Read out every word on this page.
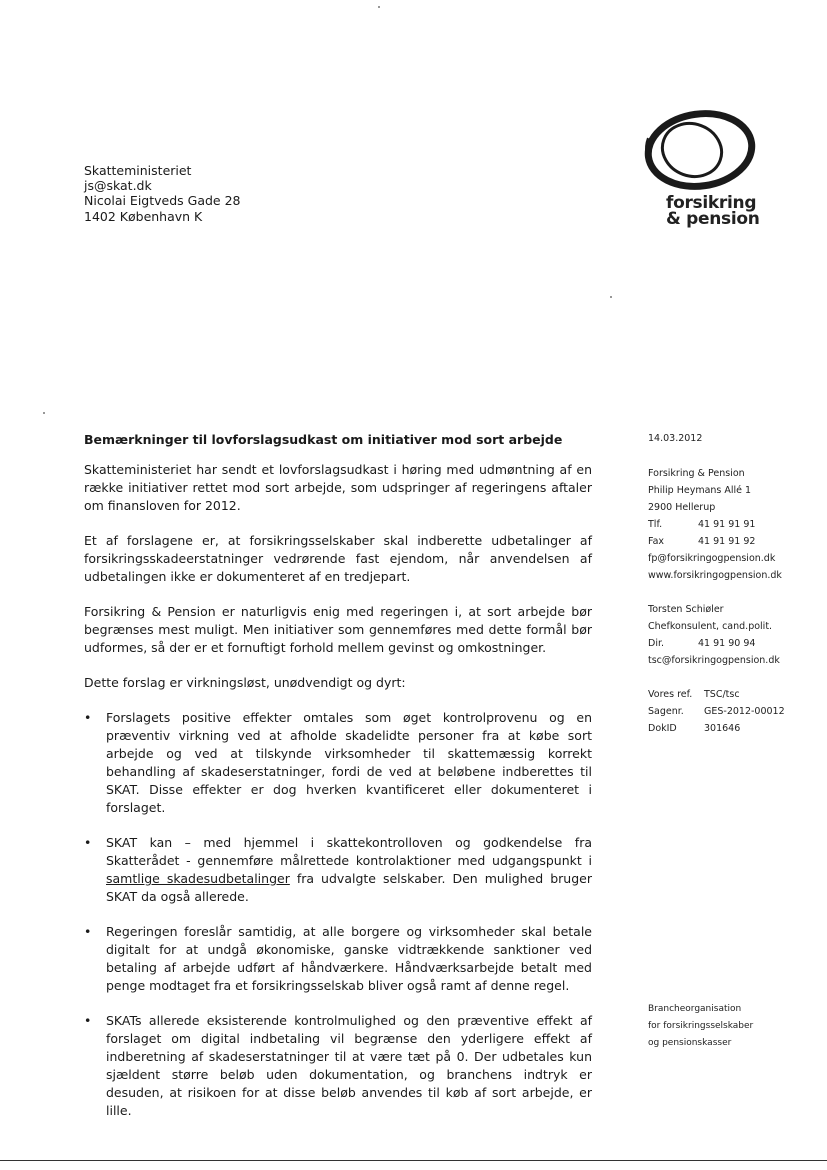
Skatteministeriet
js@skat.dk
Nicolai Eigtveds Gade 28
1402 København K
forsikring
& pension
Bemærkninger til lovforslagsudkast om initiativer mod sort arbejde

Skatteministeriet har sendt et lovforslagsudkast i høring med udmøntning af en række initiativer rettet mod sort arbejde, som udspringer af regeringens aftaler om finansloven for 2012.

Et af forslagene er, at forsikringsselskaber skal indberette udbetalinger af forsikringsskadeerstatninger vedrørende fast ejendom, når anvendelsen af udbetalingen ikke er dokumenteret af en tredjepart.

Forsikring & Pension er naturligvis enig med regeringen i, at sort arbejde bør begrænses mest muligt. Men initiativer som gennemføres med dette formål bør udformes, så der er et fornuftigt forhold mellem gevinst og omkostninger.

Dette forslag er virkningsløst, unødvendigt og dyrt:

• Forslagets positive effekter omtales som øget kontrolprovenu og en præventiv virkning ved at afholde skadelidte personer fra at købe sort arbejde og ved at tilskynde virksomheder til skattemæssig korrekt behandling af skadeserstatninger, fordi de ved at beløbene indberettes til SKAT. Disse effekter er dog hverken kvantificeret eller dokumenteret i forslaget.
• SKAT kan – med hjemmel i skattekontrolloven og godkendelse fra Skatterådet - gennemføre målrettede kontrolaktioner med udgangspunkt i samtlige skadesudbetalinger fra udvalgte selskaber. Den mulighed bruger SKAT da også allerede.
• Regeringen foreslår samtidig, at alle borgere og virksomheder skal betale digitalt for at undgå økonomiske, ganske vidtrækkende sanktioner ved betaling af arbejde udført af håndværkere. Håndværksarbejde betalt med penge modtaget fra et forsikringsselskab bliver også ramt af denne regel.
• SKATs allerede eksisterende kontrolmulighed og den præventive effekt af forslaget om digital indbetaling vil begrænse den yderligere effekt af indberetning af skadeserstatninger til at være tæt på 0. Der udbetales kun sjældent større beløb uden dokumentation, og branchens indtryk er desuden, at risikoen for at disse beløb anvendes til køb af sort arbejde, er lille.
14.03.2012
Forsikring & Pension
Philip Heymans Allé 1
2900 Hellerup
Tlf.	41 91 91 91
Fax	41 91 91 92
fp@forsikringogpension.dk
www.forsikringogpension.dk
Torsten Schiøler
Chefkonsulent, cand.polit.
Dir.	41 91 90 94
tsc@forsikringogpension.dk
Vores ref.	TSC/tsc
Sagenr.	GES-2012-00012
DokID	301646
Brancheorganisation
for forsikringsselskaber
og pensionskasser
